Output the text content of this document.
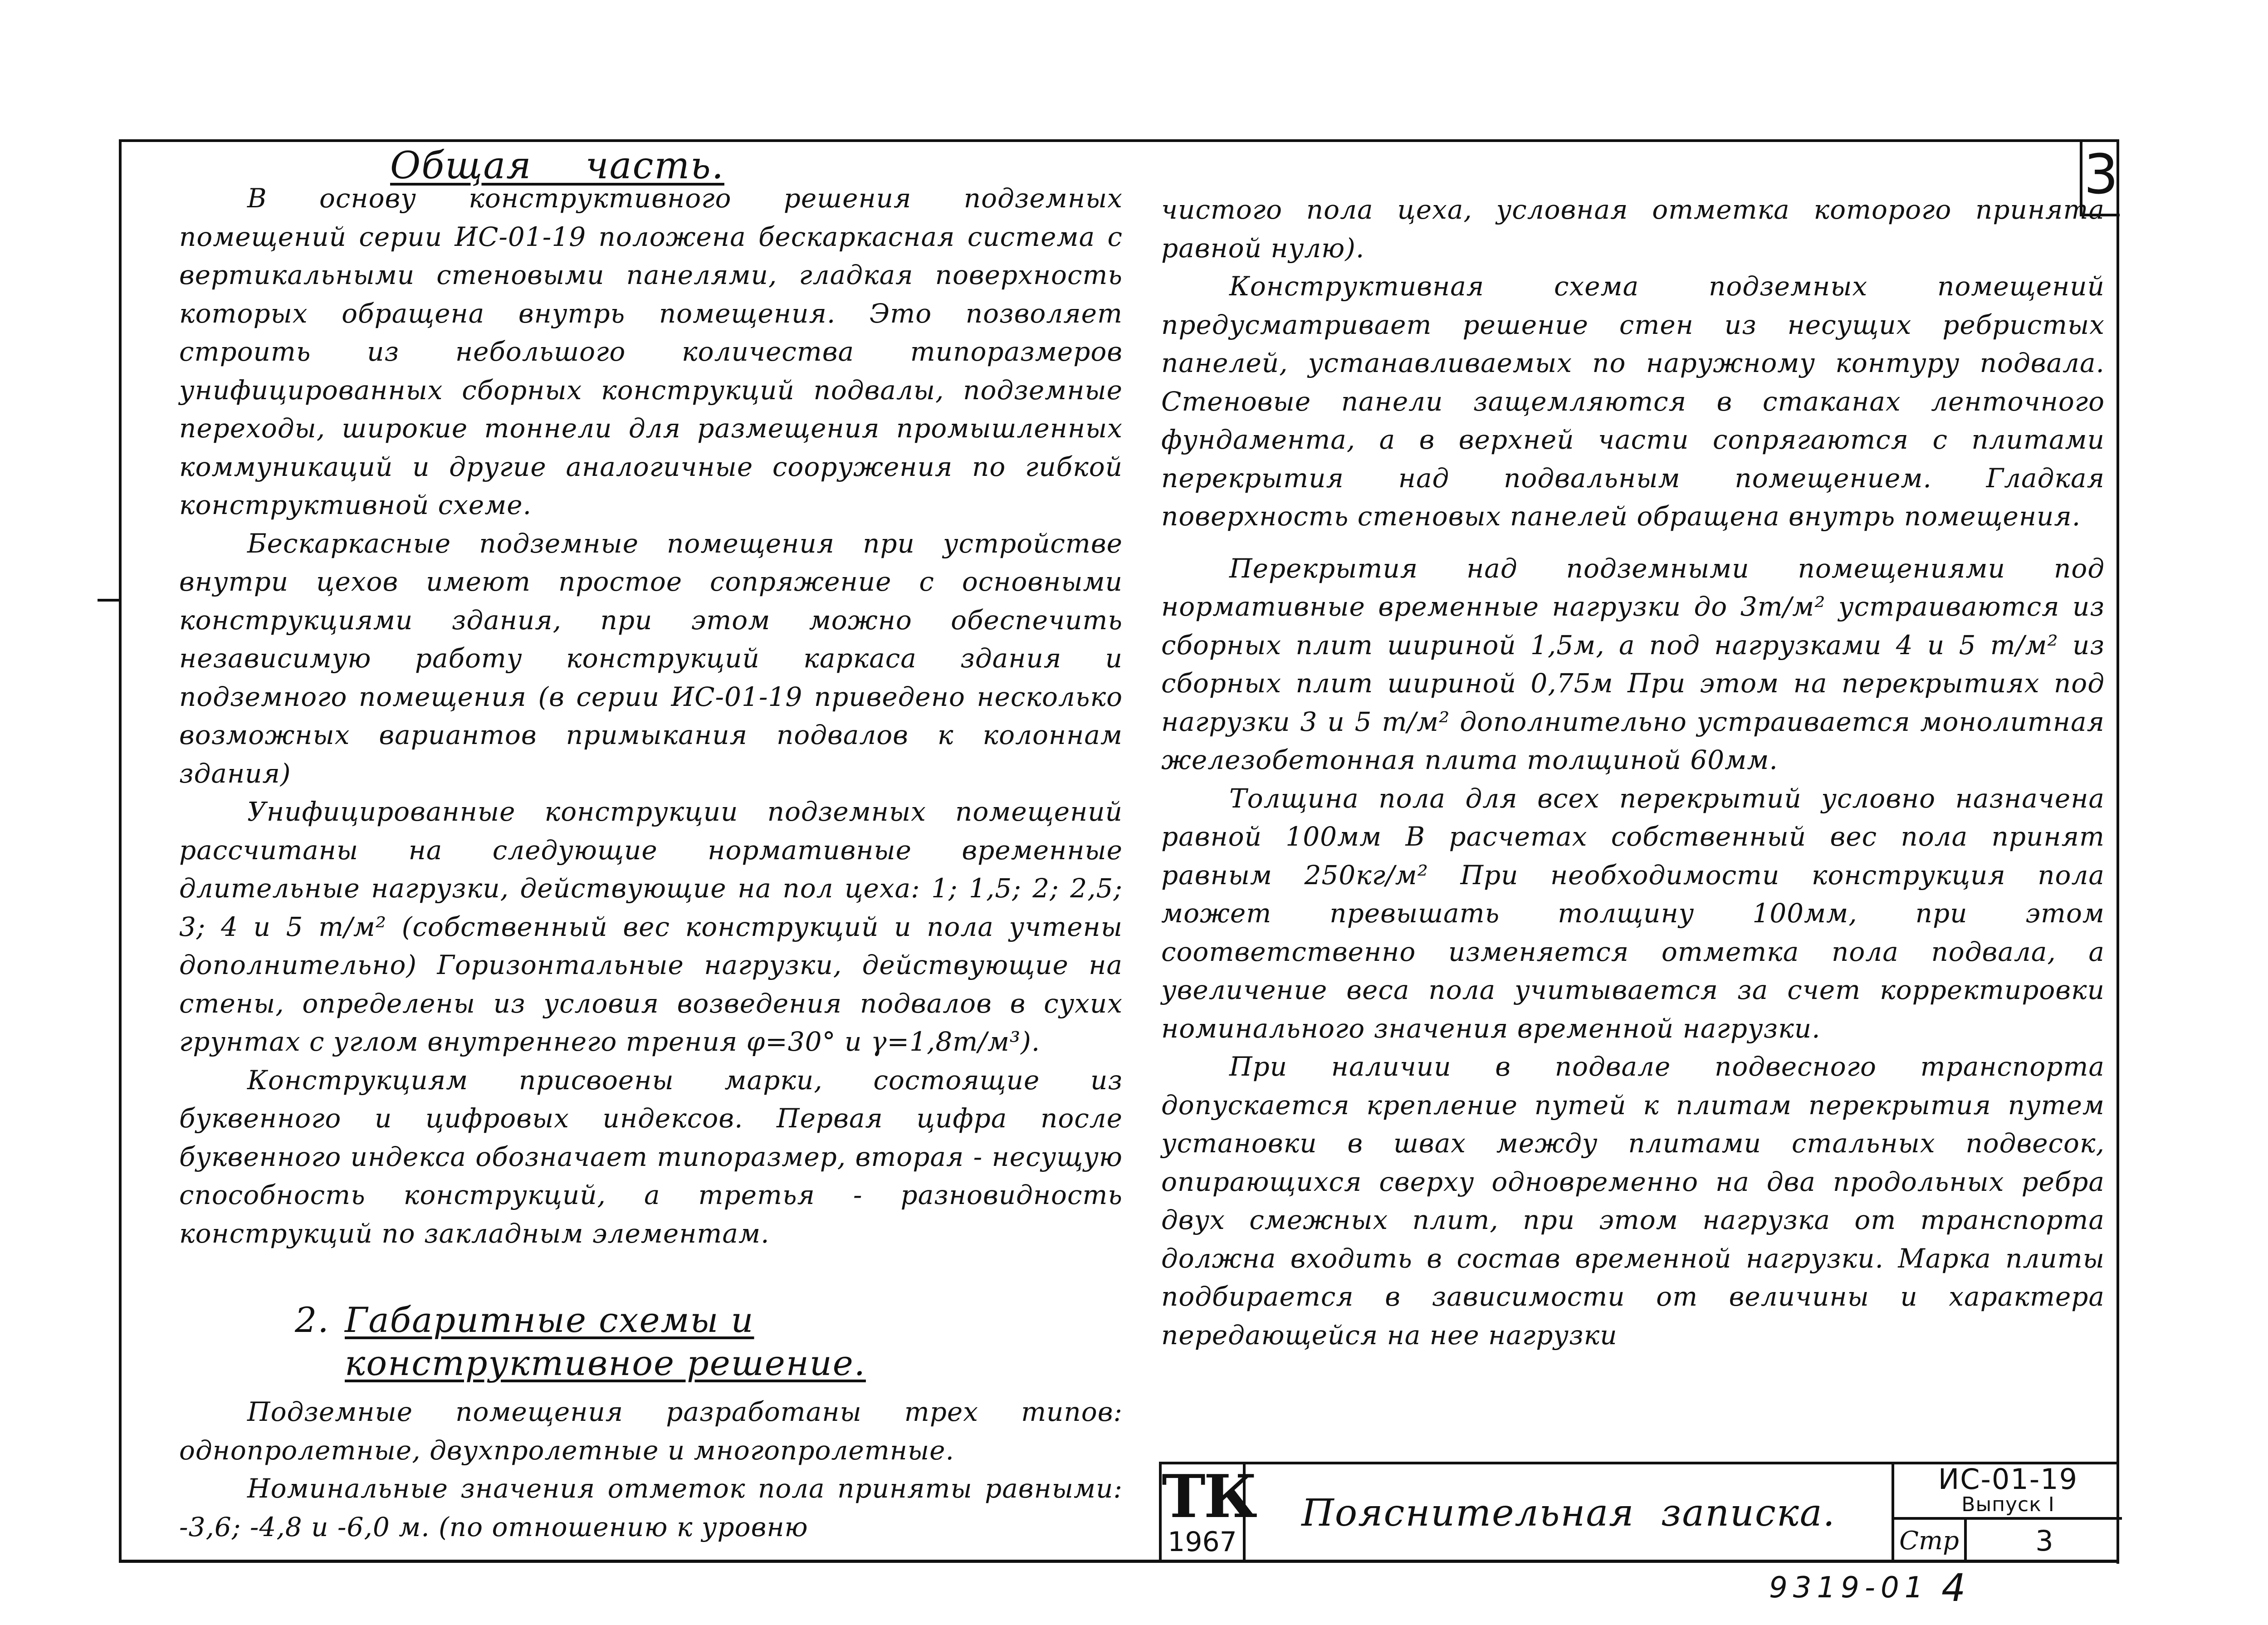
3
Общая часть.

В основу конструктивного решения подземных помещений серии ИС-01-19 положена бескаркасная система с вертикальными стеновыми панелями, гладкая поверхность которых обращена внутрь помещения. Это позволяет строить из небольшого количества типоразмеров унифицированных сборных конструкций подвалы, подземные переходы, широкие тоннели для размещения промышленных коммуникаций и другие аналогичные сооружения по гибкой конструктивной схеме.

Бескаркасные подземные помещения при устройстве внутри цехов имеют простое сопряжение с основными конструкциями здания, при этом можно обеспечить независимую работу конструкций каркаса здания и подземного помещения (в серии ИС-01-19 приведено несколько возможных вариантов примыкания подвалов к колоннам здания)

Унифицированные конструкции подземных помещений рассчитаны на следующие нормативные временные длительные нагрузки, действующие на пол цеха: 1; 1,5; 2; 2,5; 3; 4 и 5 т/м² (собственный вес конструкций и пола учтены дополнительно) Горизонтальные нагрузки, действующие на стены, определены из условия возведения подвалов в сухих грунтах с углом внутреннего трения φ=30° и γ=1,8т/м³).

Конструкциям присвоены марки, состоящие из буквенного и цифровых индексов. Первая цифра после буквенного индекса обозначает типоразмер, вторая - несущую способность конструкций, а третья - разновидность конструкций по закладным элементам.

2. Габаритные схемы и
конструктивное решение.

Подземные помещения разработаны трех типов: однопролетные, двухпролетные и многопролетные.

Номинальные значения отметок пола приняты равными: -3,6; -4,8 и -6,0 м. (по отношению к уровню

чистого пола цеха, условная отметка которого принята равной нулю).

Конструктивная схема подземных помещений предусматривает решение стен из несущих ребристых панелей, устанавливаемых по наружному контуру подвала. Стеновые панели защемляются в стаканах ленточного фундамента, а в верхней части сопрягаются с плитами перекрытия над подвальным помещением. Гладкая поверхность стеновых панелей обращена внутрь помещения.

Перекрытия над подземными помещениями под нормативные временные нагрузки до 3т/м² устраиваются из сборных плит шириной 1,5м, а под нагрузками 4 и 5 т/м² из сборных плит шириной 0,75м При этом на перекрытиях под нагрузки 3 и 5 т/м² дополнительно устраивается монолитная железобетонная плита толщиной 60мм.

Толщина пола для всех перекрытий условно назначена равной 100мм В расчетах собственный вес пола принят равным 250кг/м² При необходимости конструкция пола может превышать толщину 100мм, при этом соответственно изменяется отметка пола подвала, а увеличение веса пола учитывается за счет корректировки номинального значения временной нагрузки.

При наличии в подвале подвесного транспорта допускается крепление путей к плитам перекрытия путем установки в швах между плитами стальных подвесок, опирающихся сверху одновременно на два продольных ребра двух смежных плит, при этом нагрузка от транспорта должна входить в состав временной нагрузки. Марка плиты подбирается в зависимости от величины и характера передающейся на нее нагрузки

ТК
1967
Пояснительная записка.
ИС-01-19
Выпуск I
Стр	3
9319-01 4
